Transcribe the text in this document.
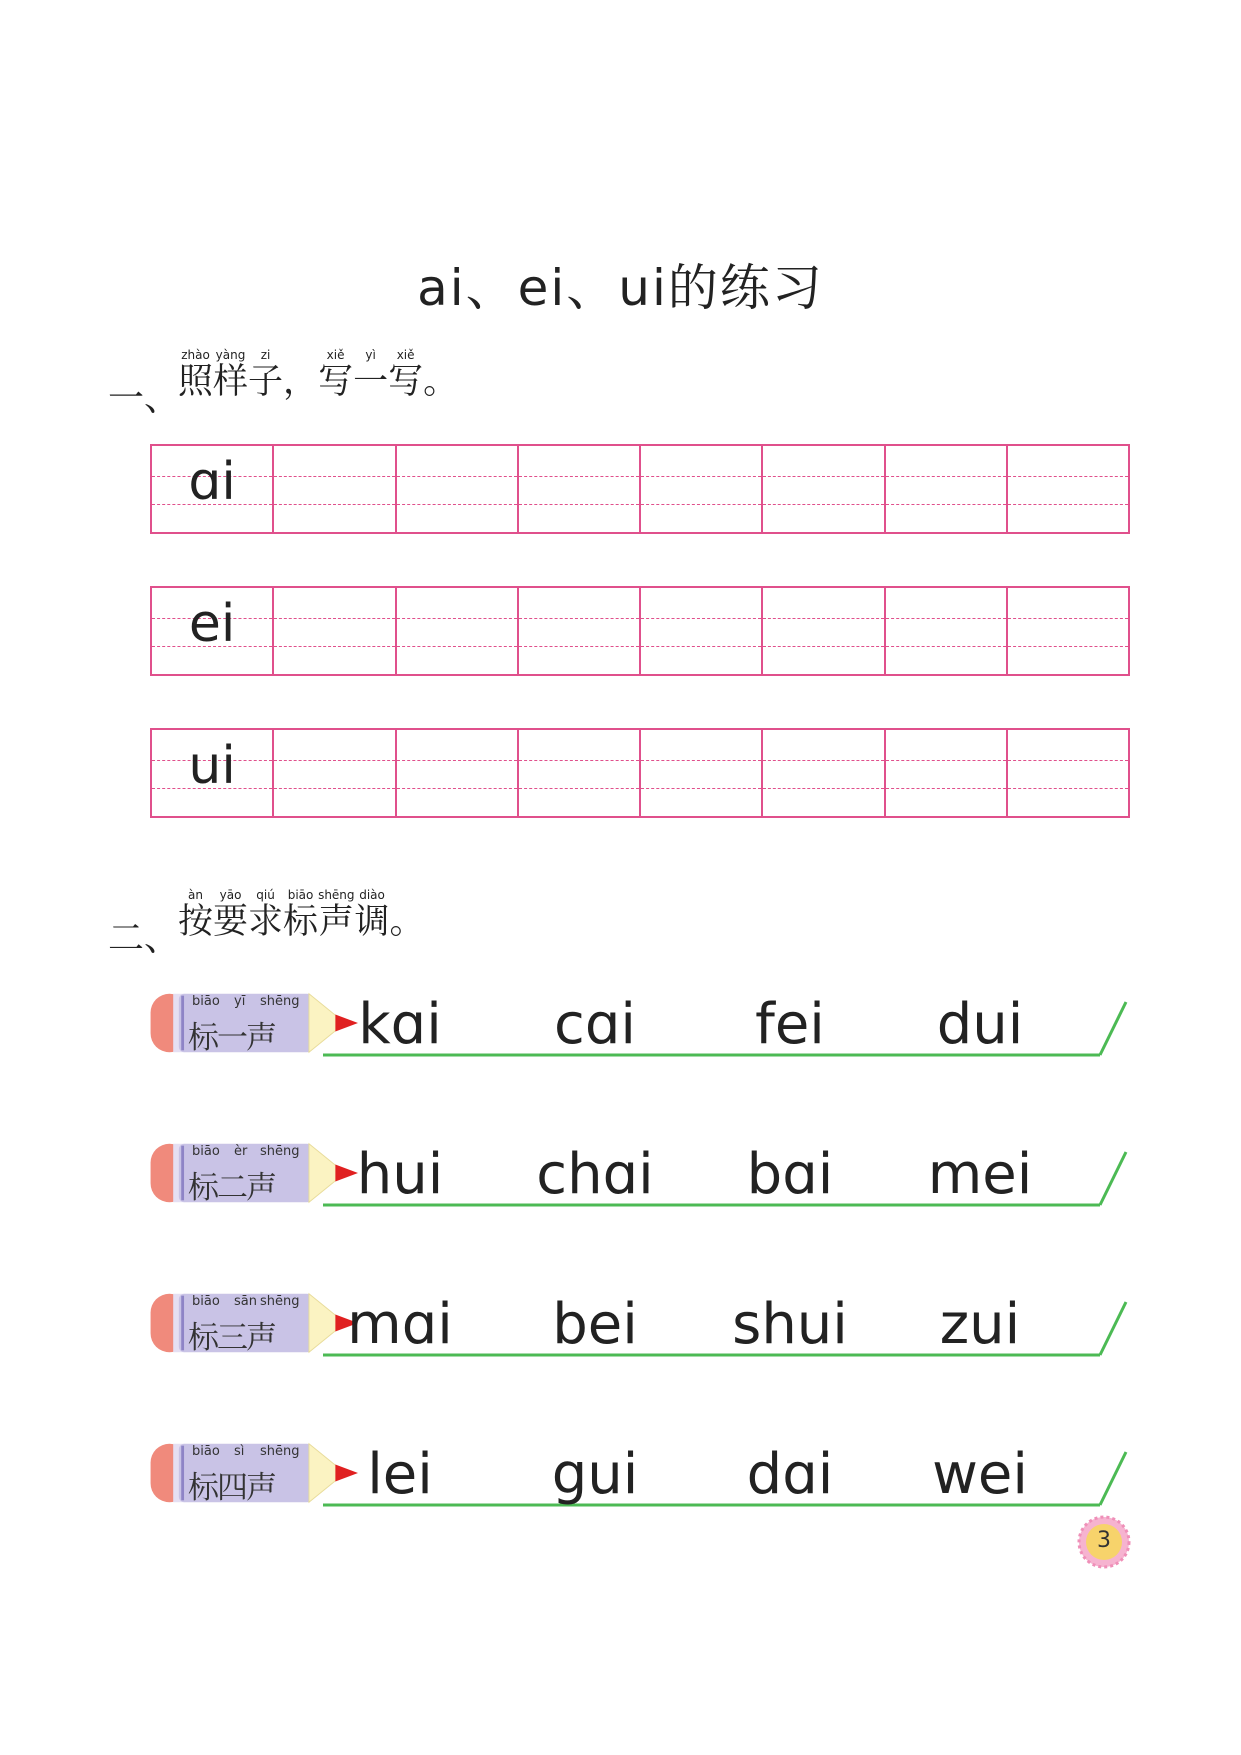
ai、ei、ui的练习
一、
zhào
照
yàng
样
zi
子 ，
xiě
写
yì
一
xiě
写 。
ɑi
ei
ui
二、
àn
按
yāo
要
qiú
求
biāo
标
shēng
声
diào
调 。
biāo yī shēng
标一声	kɑi	cɑi	fei	dui
biāo èr shēng
标二声	hui	chɑi	bɑi	mei
biāo sān shēng
标三声	mɑi	bei	shui	zui
biāo sì shēng
标四声	lei	gui	dɑi	wei
3
